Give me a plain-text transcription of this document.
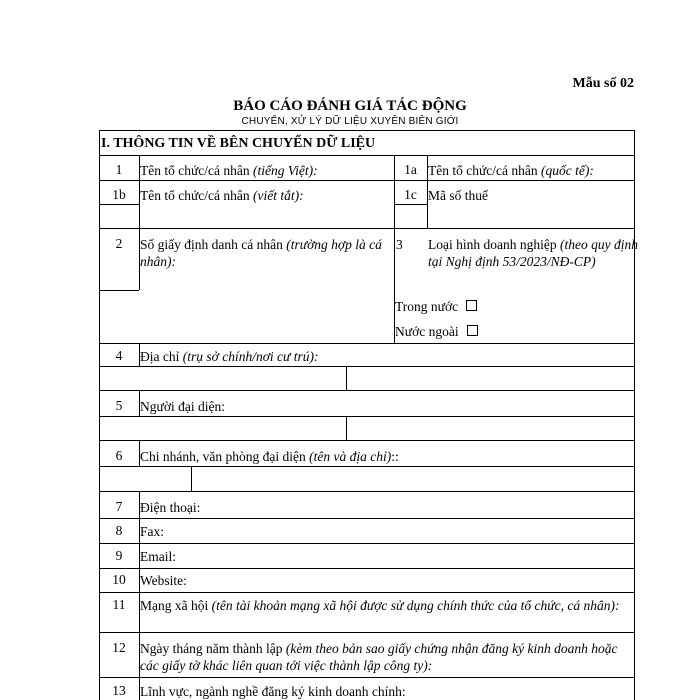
Mẫu số 02
BÁO CÁO ĐÁNH GIÁ TÁC ĐỘNG
CHUYỂN, XỬ LÝ DỮ LIỆU XUYÊN BIÊN GIỚI
I. THÔNG TIN VỀ BÊN CHUYỂN DỮ LIỆU
1	Tên tổ chức/cá nhân (tiếng Việt):	1a Tên tổ chức/cá nhân (quốc tế):
1b	Tên tổ chức/cá nhân (viết tắt):	1c Mã số thuế
2	Số giấy định danh cá nhân (trường hợp là cá nhân):
3 Loại hình doanh nghiệp (theo quy định tại Nghị định 53/2023/NĐ-CP)
Trong nước
Nước ngoài
4	Địa chỉ (trụ sở chính/nơi cư trú):
5	Người đại diện:
6	Chi nhánh, văn phòng đại diện (tên và địa chỉ)::
7	Điện thoại:
8	Fax:
9	Email:
10	Website:
11	Mạng xã hội (tên tài khoản mạng xã hội được sử dụng chính thức của tổ chức, cá nhân):
12	Ngày tháng năm thành lập (kèm theo bản sao giấy chứng nhận đăng ký kinh doanh hoặc các giấy tờ khác liên quan tới việc thành lập công ty):
13	Lĩnh vực, ngành nghề đăng ký kinh doanh chính:
